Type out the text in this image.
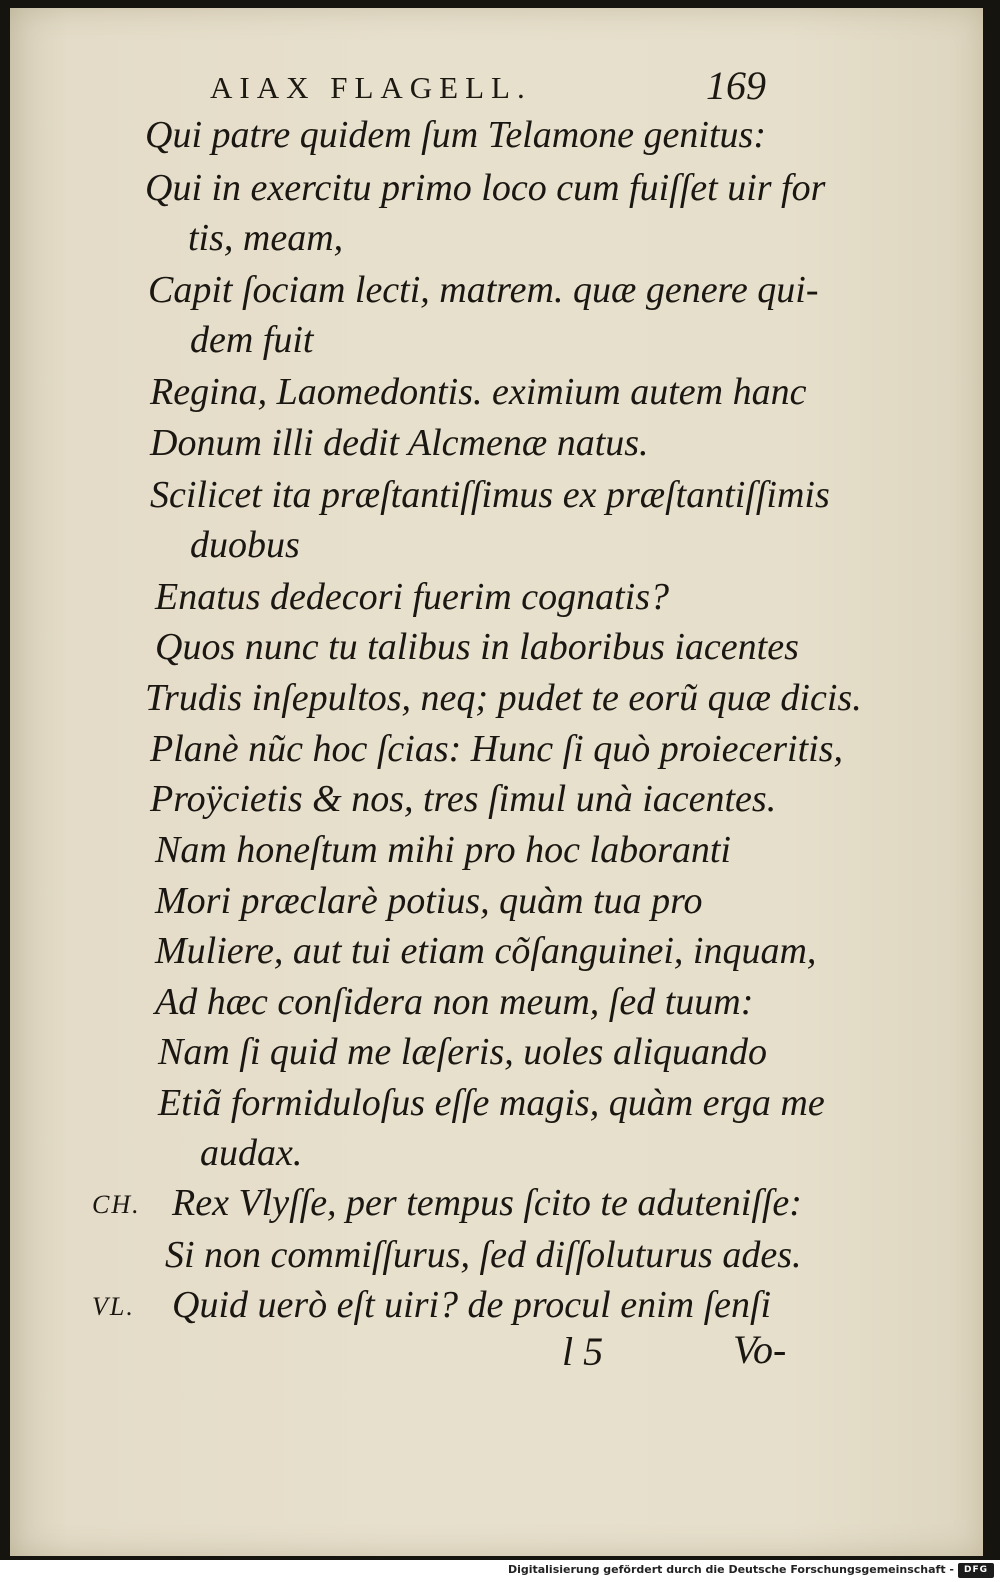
AIAX FLAGELL.	169
Qui patre quidem ſum Telamone genitus:
Qui in exercitu primo loco cum fuiſſet uir for
tis, meam,
Capit ſociam lecti, matrem. quæ genere qui-
dem fuit
Regina, Laomedontis. eximium autem hanc
Donum illi dedit Alcmenæ natus.
Scilicet ita præſtantiſſimus ex præſtantiſſimis
duobus
Enatus dedecori fuerim cognatis?
Quos nunc tu talibus in laboribus iacentes
Trudis inſepultos, neq; pudet te eorũ quæ dicis.
Planè nũc hoc ſcias: Hunc ſi quò proieceritis,
Proÿcietis & nos, tres ſimul unà iacentes.
Nam honeſtum mihi pro hoc laboranti
Mori præclarè potius, quàm tua pro
Muliere, aut tui etiam cõſanguinei, inquam,
Ad hæc conſidera non meum, ſed tuum:
Nam ſi quid me læſeris, uoles aliquando
Etiã formiduloſus eſſe magis, quàm erga me
audax.
CH. Rex Vlyſſe, per tempus ſcito te aduteniſſe:
Si non commiſſurus, ſed diſſoluturus ades.
VL. Quid uerò eſt uiri? de procul enim ſenſi
l 5	Vo-
Digitalisierung gefördert durch die Deutsche Forschungsgemeinschaft -	DFG
